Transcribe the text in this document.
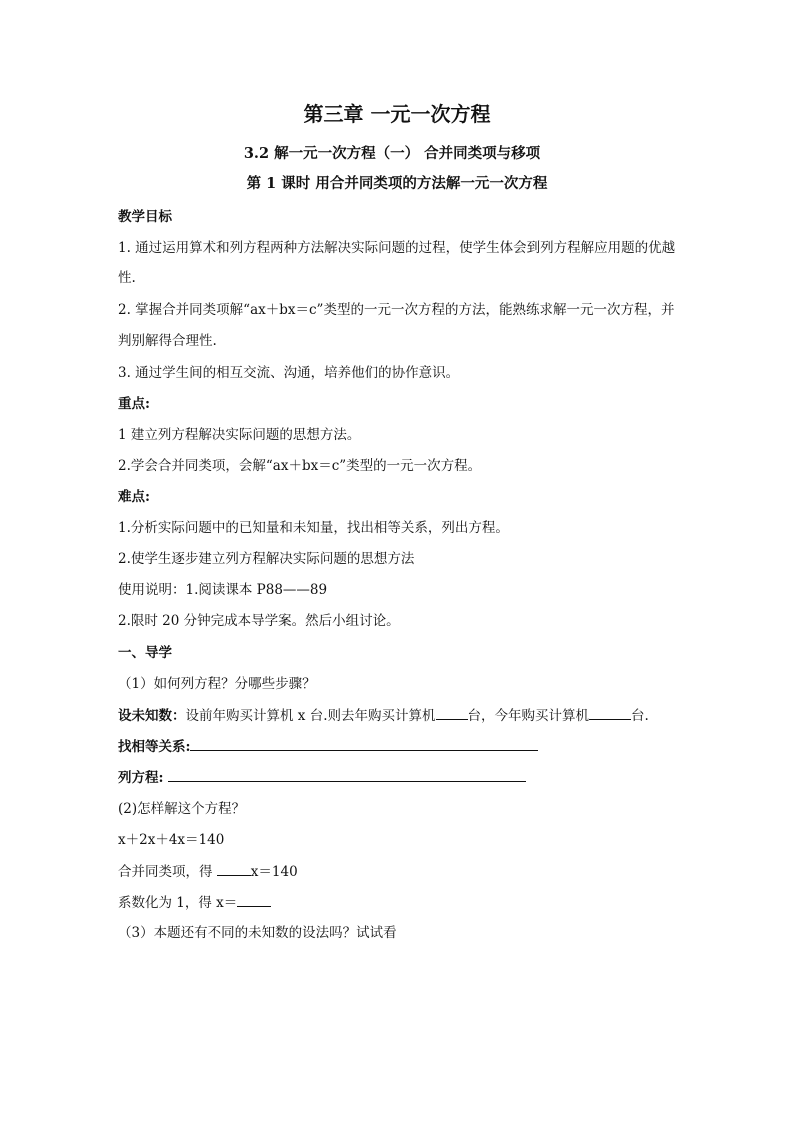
第三章 一元一次方程
3.2 解一元一次方程（一） 合并同类项与移项
第 1 课时 用合并同类项的方法解一元一次方程
教学目标
1. 通过运用算术和列方程两种方法解决实际问题的过程，使学生体会到列方程解应用题的优越
性.
2. 掌握合并同类项解“ax＋bx＝c”类型的一元一次方程的方法，能熟练求解一元一次方程，并
判别解得合理性.
3. 通过学生间的相互交流、沟通，培养他们的协作意识。
重点:
1 建立列方程解决实际问题的思想方法。
2.学会合并同类项，会解“ax＋bx＝c”类型的一元一次方程。
难点:
1.分析实际问题中的已知量和未知量，找出相等关系，列出方程。
2.使学生逐步建立列方程解决实际问题的思想方法
使用说明：1.阅读课本 P88——89
2.限时 20 分钟完成本导学案。然后小组讨论。
一、导学
（1）如何列方程？分哪些步骤？
设未知数：设前年购买计算机 x 台.则去年购买计算机 台，今年购买计算机	台.
找相等关系:
列方程:
(2)怎样解这个方程？
x＋2x＋4x＝140
合并同类项，得	x＝140
系数化为 1，得 x＝
（3）本题还有不同的未知数的设法吗？试试看
